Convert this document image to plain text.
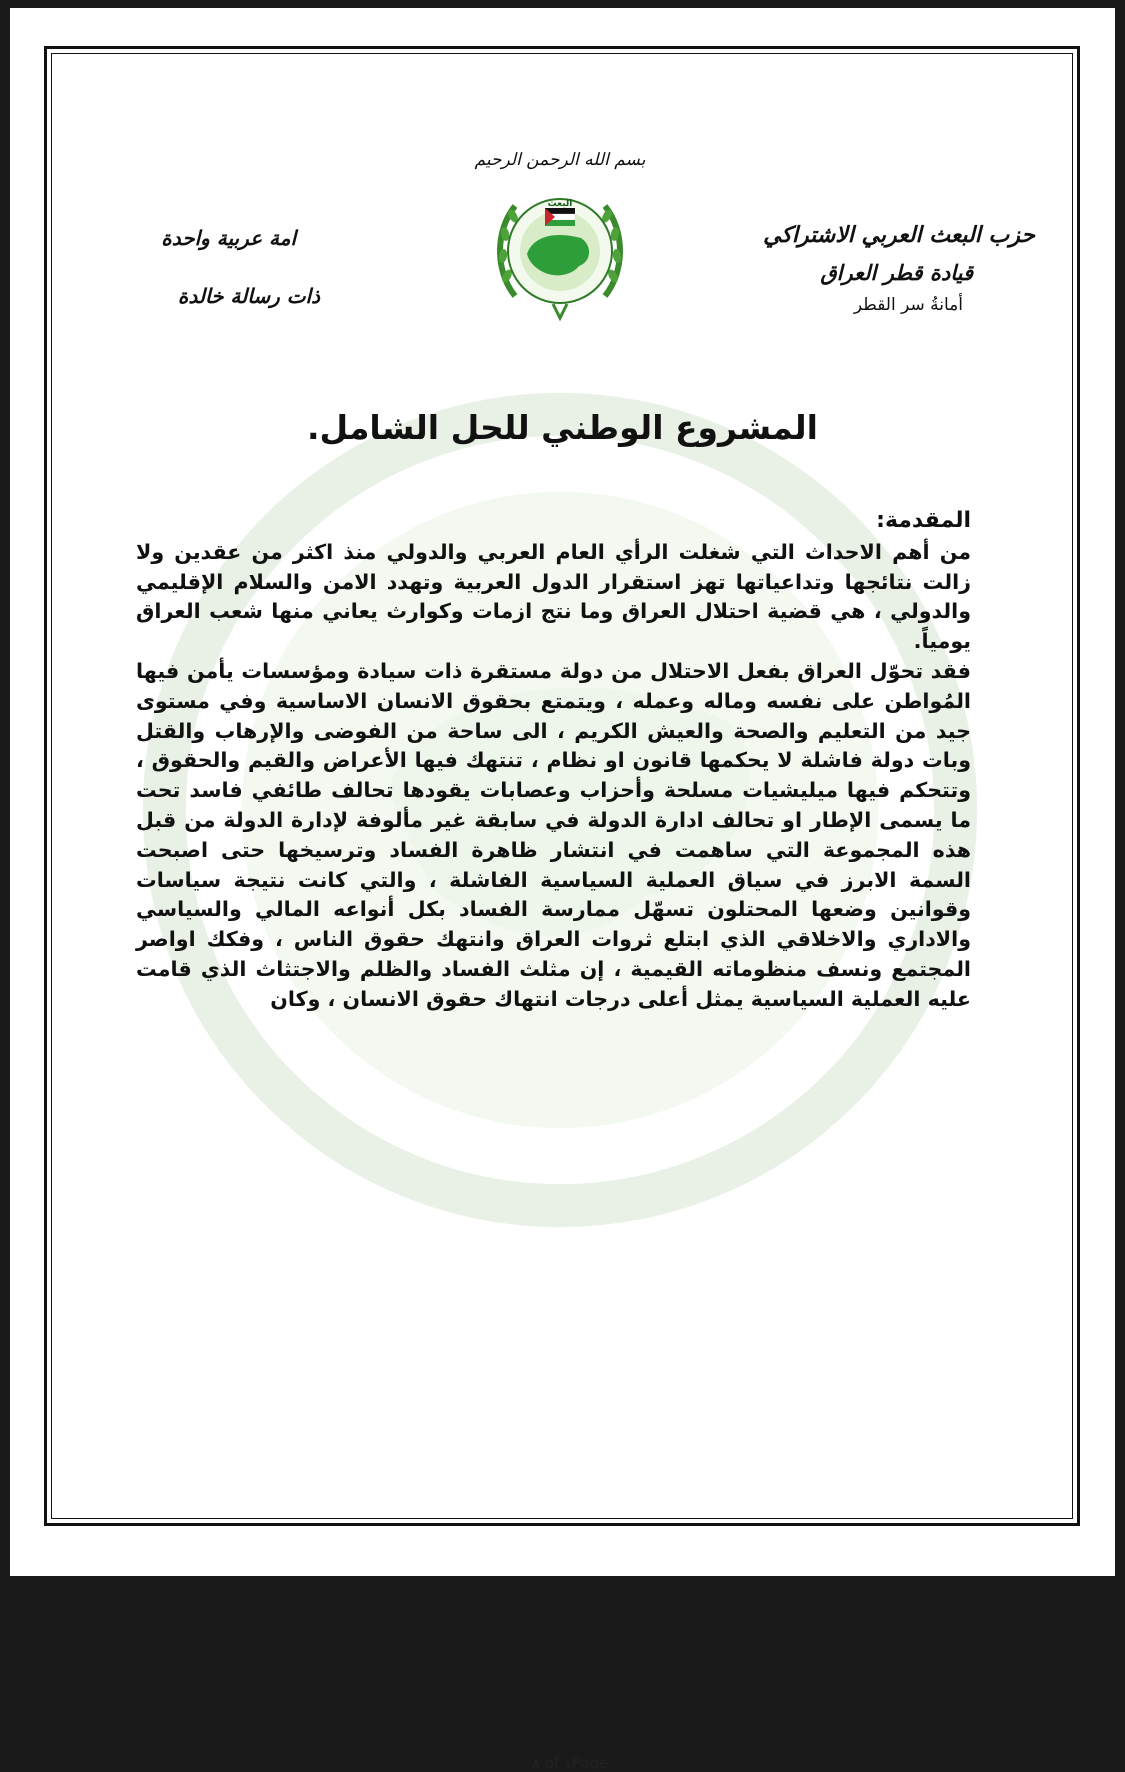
بسم الله الرحمن الرحيم
البعث
حزب البعث العربي الاشتراكي
قيادة قطر العراق
أمانةُ سر القطر
امة عربية واحدة
ذات رسالة خالدة
المشروع الوطني للحل الشامل.
المقدمة:

من أهم الاحداث التي شغلت الرأي العام العربي والدولي منذ اكثر من عقدين ولا زالت نتائجها وتداعياتها تهز استقرار الدول العربية وتهدد الامن والسلام الإقليمي والدولي ، هي قضية احتلال العراق وما نتج ازمات وكوارث يعاني منها شعب العراق يومياً.

فقد تحوّل العراق بفعل الاحتلال من دولة مستقرة ذات سيادة ومؤسسات يأمن فيها المُواطن على نفسه وماله وعمله ، ويتمتع بحقوق الانسان الاساسية وفي مستوى جيد من التعليم والصحة والعيش الكريم ، الى ساحة من الفوضى والإرهاب والقتل وبات دولة فاشلة لا يحكمها قانون او نظام ، تنتهك فيها الأعراض والقيم والحقوق ، وتتحكم فيها ميليشيات مسلحة وأحزاب وعصابات يقودها تحالف طائفي فاسد تحت ما يسمى الإطار او تحالف ادارة الدولة في سابقة غير مألوفة لإدارة الدولة من قبل هذه المجموعة التي ساهمت في انتشار ظاهرة الفساد وترسيخها حتى اصبحت السمة الابرز في سياق العملية السياسية الفاشلة ، والتي كانت نتيجة سياسات وقوانين وضعها المحتلون تسهّل ممارسة الفساد بكل أنواعه المالي والسياسي والاداري والاخلاقي الذي ابتلع ثروات العراق وانتهك حقوق الناس ، وفكك اواصر المجتمع ونسف منظوماته القيمية ، إن مثلث الفساد والظلم والاجتثاث الذي قامت عليه العملية السياسية يمثل أعلى درجات انتهاك حقوق الانسان ، وكان

٨ of ١Page
